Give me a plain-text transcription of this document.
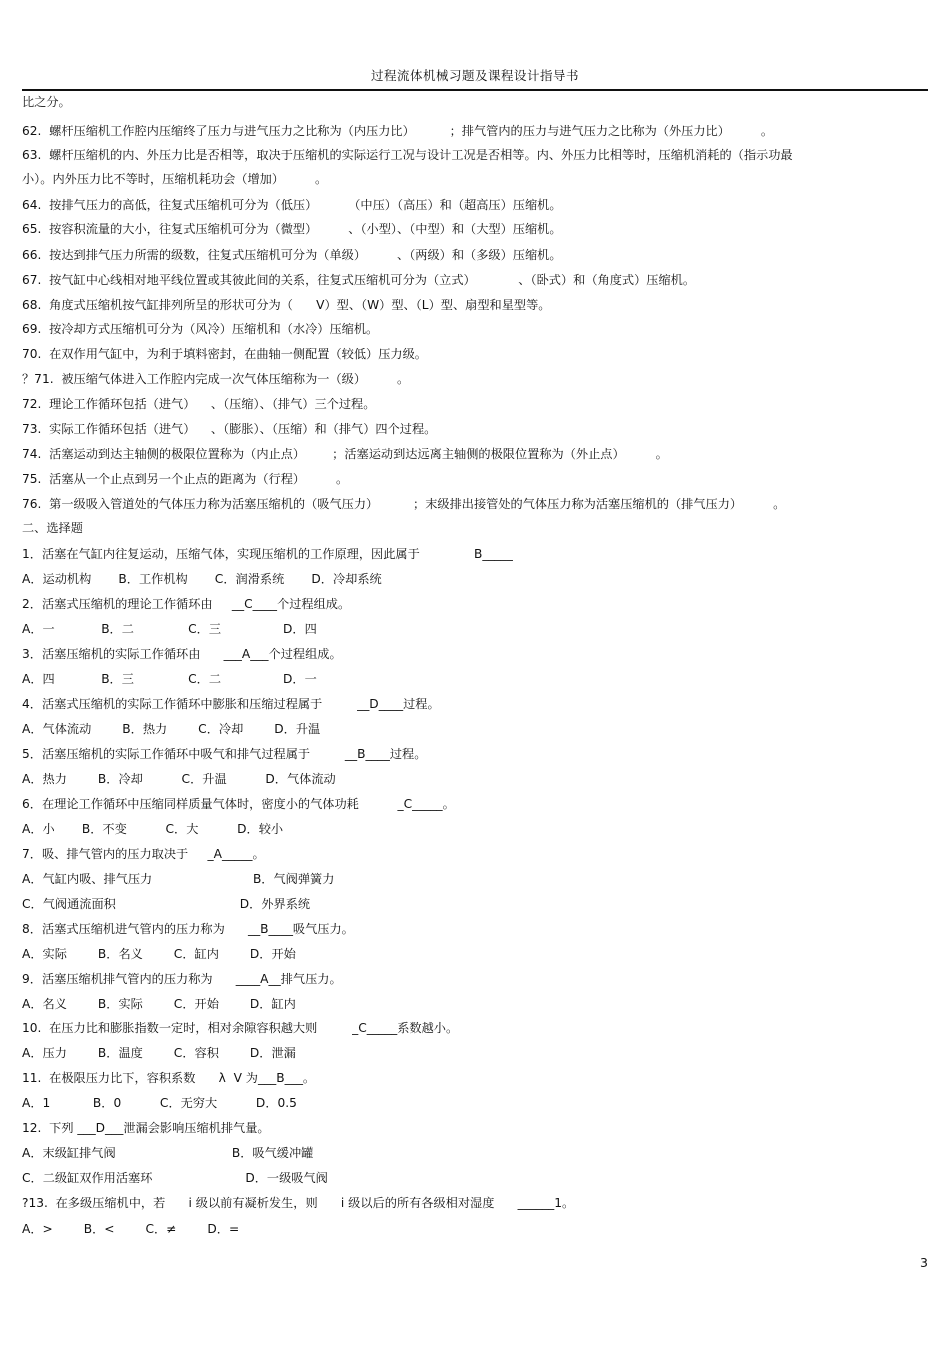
过程流体机械习题及课程设计指导书
比之分。
62.  螺杆压缩机工作腔内压缩终了压力与进气压力之比称为（内压力比）         ；排气管内的压力与进气压力之比称为（外压力比）        。
63.  螺杆压缩机的内、外压力比是否相等，取决于压缩机的实际运行工况与设计工况是否相等。内、外压力比相等时，压缩机消耗的（指示功最
小）。内外压力比不等时，压缩机耗功会（增加）        。
64.  按排气压力的高低，往复式压缩机可分为（低压）        （中压）（高压）和（超高压）压缩机。
65.  按容积流量的大小，往复式压缩机可分为（微型）        、（小型）、（中型）和（大型）压缩机。
66.  按达到排气压力所需的级数，往复式压缩机可分为（单级）        、（两级）和（多级）压缩机。
67.  按气缸中心线相对地平线位置或其彼此间的关系，往复式压缩机可分为（立式）           、（卧式）和（角度式）压缩机。
68.  角度式压缩机按气缸排列所呈的形状可分为（      V）型、（W）型、（L）型、扇型和星型等。
69.  按冷却方式压缩机可分为（风冷）压缩机和（水冷）压缩机。
70.  在双作用气缸中，为利于填料密封，在曲轴一侧配置（较低）压力级。
？71.  被压缩气体进入工作腔内完成一次气体压缩称为一（级）        。
72.  理论工作循环包括（进气）    、（压缩）、（排气）三个过程。
73.  实际工作循环包括（进气）    、（膨胀）、（压缩）和（排气）四个过程。
74.  活塞运动到达主轴侧的极限位置称为（内止点）       ；活塞运动到达远离主轴侧的极限位置称为（外止点）        。
75.  活塞从一个止点到另一个止点的距离为（行程）        。
76.  第一级吸入管道处的气体压力称为活塞压缩机的（吸气压力）         ；末级排出接管处的气体压力称为活塞压缩机的（排气压力）        。
二、选择题
1．活塞在气缸内往复运动，压缩气体，实现压缩机的工作原理，因此属于              B_____
A．运动机构       B．工作机构       C．润滑系统       D．冷却系统
2．活塞式压缩机的理论工作循环由     __C____个过程组成。
A．一            B．二              C．三                D．四
3．活塞压缩机的实际工作循环由      ___A___个过程组成。
A．四            B．三              C．二                D．一
4．活塞式压缩机的实际工作循环中膨胀和压缩过程属于         __D____过程。
A．气体流动        B．热力        C．冷却        D．升温
5．活塞压缩机的实际工作循环中吸气和排气过程属于         __B____过程。
A．热力        B．冷却          C．升温          D．气体流动
6．在理论工作循环中压缩同样质量气体时，密度小的气体功耗          _C_____。
A．小       B．不变          C．大          D．较小
7．吸、排气管内的压力取决于     _A_____。
A．气缸内吸、排气压力                          B．气阀弹簧力
C．气阀通流面积                                D．外界系统
8．活塞式压缩机进气管内的压力称为      __B____吸气压力。
A．实际        B．名义        C．缸内        D．开始
9．活塞压缩机排气管内的压力称为      ____A__排气压力。
A．名义        B．实际        C．开始        D．缸内
10.  在压力比和膨胀指数一定时，相对余隙容积越大则         _C_____系数越小。
A．压力        B．温度        C．容积        D．泄漏
11.  在极限压力比下，容积系数      λ  V 为___B___。
A．1           B．0          C．无穷大          D．0.5
12.  下列 ___D___泄漏会影响压缩机排气量。
A．末级缸排气阀                              B．吸气缓冲罐
C．二级缸双作用活塞环                        D．一级吸气阀
?13.  在多级压缩机中，若      i 级以前有凝析发生，则      i 级以后的所有各级相对湿度      ______1。
A．>        B．<        C．≠        D．=
3
